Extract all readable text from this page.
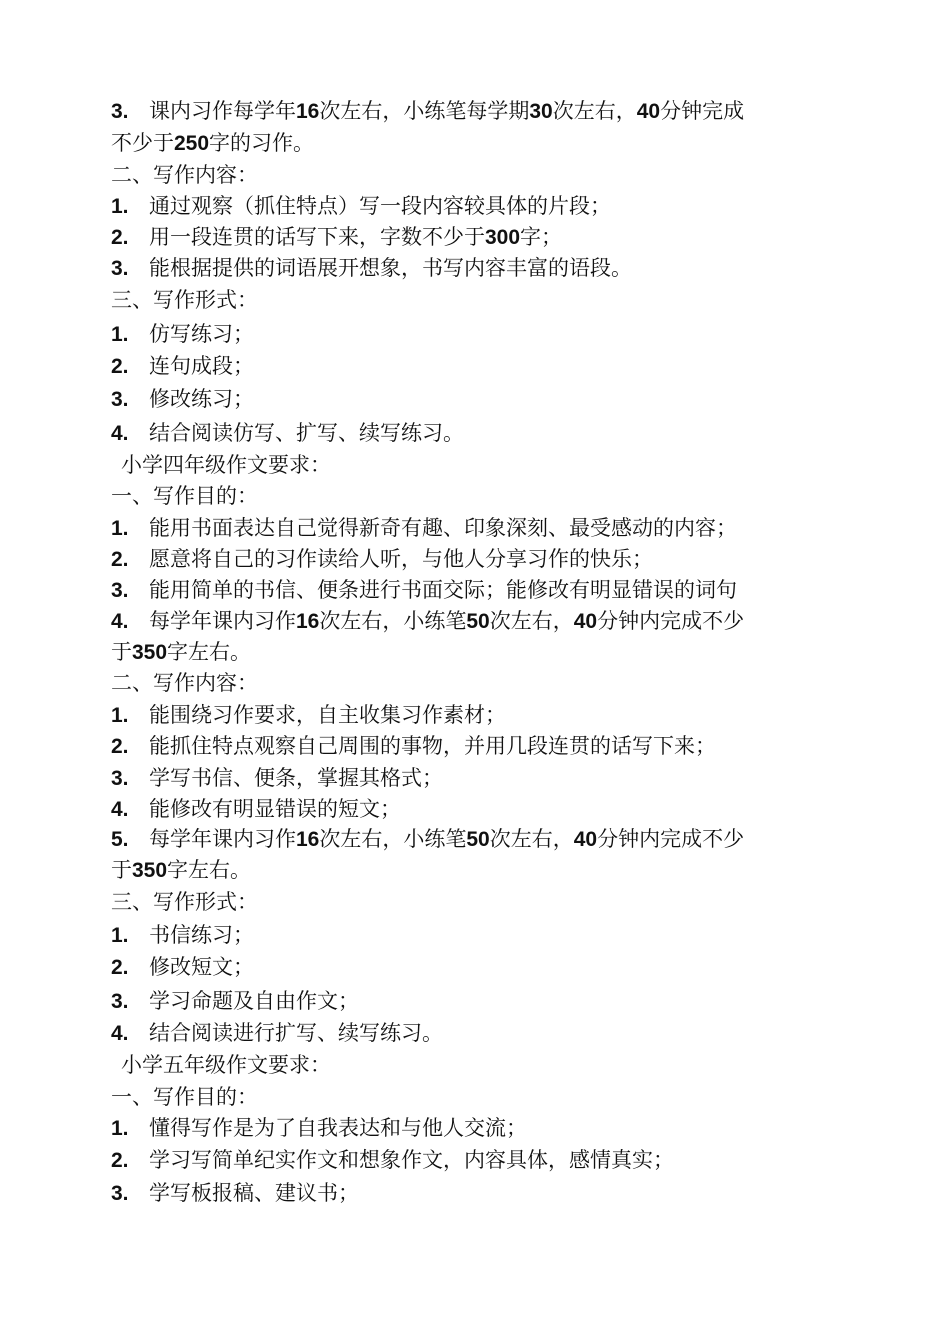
3. 课内习作每学年16次左右，小练笔每学期30次左右，40分钟完成
不少于250字的习作。
二、写作内容：
1. 通过观察（抓住特点）写一段内容较具体的片段；
2. 用一段连贯的话写下来，字数不少于300字；
3. 能根据提供的词语展开想象，书写内容丰富的语段。
三、写作形式：
1. 仿写练习；
2. 连句成段；
3. 修改练习；
4. 结合阅读仿写、扩写、续写练习。
小学四年级作文要求：
一、写作目的：
1. 能用书面表达自己觉得新奇有趣、印象深刻、最受感动的内容；
2. 愿意将自己的习作读给人听，与他人分享习作的快乐；
3. 能用简单的书信、便条进行书面交际；能修改有明显错误的词句
4. 每学年课内习作16次左右，小练笔50次左右，40分钟内完成不少
于350字左右。
二、写作内容：
1. 能围绕习作要求，自主收集习作素材；
2. 能抓住特点观察自己周围的事物，并用几段连贯的话写下来；
3. 学写书信、便条，掌握其格式；
4. 能修改有明显错误的短文；
5. 每学年课内习作16次左右，小练笔50次左右，40分钟内完成不少
于350字左右。
三、写作形式：
1. 书信练习；
2. 修改短文；
3. 学习命题及自由作文；
4. 结合阅读进行扩写、续写练习。
小学五年级作文要求：
一、写作目的：
1. 懂得写作是为了自我表达和与他人交流；
2. 学习写简单纪实作文和想象作文，内容具体，感情真实；
3. 学写板报稿、建议书；
